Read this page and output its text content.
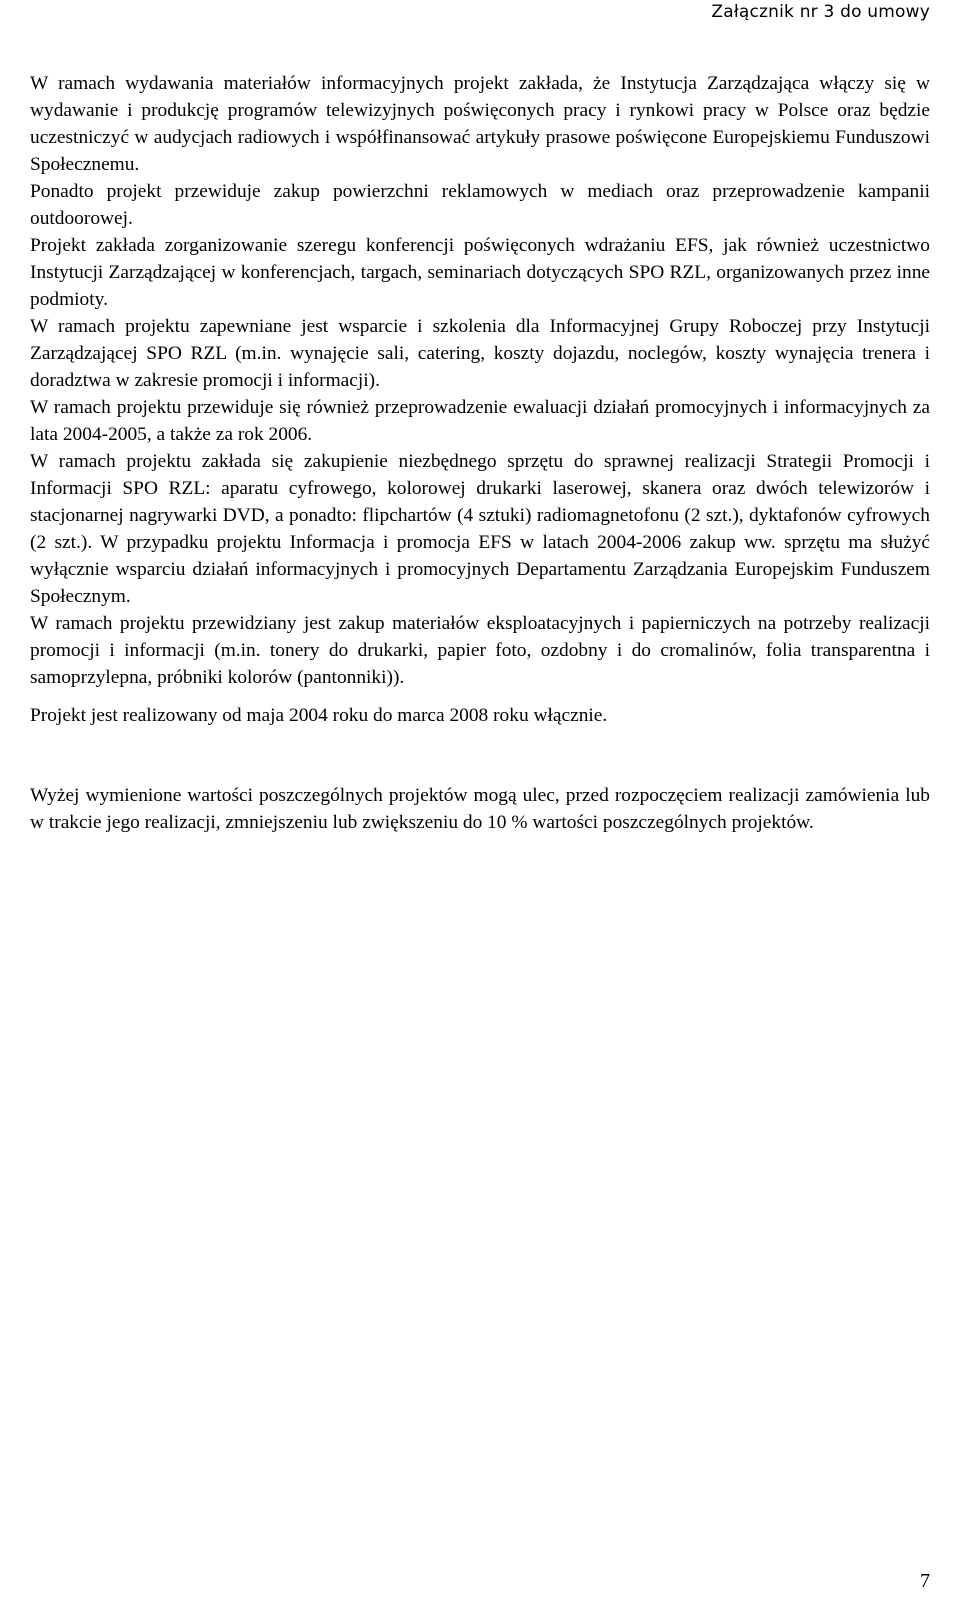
Załącznik nr 3 do umowy

W ramach wydawania materiałów informacyjnych projekt zakłada, że Instytucja Zarządzająca włączy się w wydawanie i produkcję programów telewizyjnych poświęconych pracy i rynkowi pracy w Polsce oraz będzie uczestniczyć w audycjach radiowych i współfinansować artykuły prasowe poświęcone Europejskiemu Funduszowi Społecznemu.

Ponadto projekt przewiduje zakup powierzchni reklamowych w mediach oraz przeprowadzenie kampanii outdoorowej.

Projekt zakłada zorganizowanie szeregu konferencji poświęconych wdrażaniu EFS, jak również uczestnictwo Instytucji Zarządzającej w konferencjach, targach, seminariach dotyczących SPO RZL, organizowanych przez inne podmioty.

W ramach projektu zapewniane jest wsparcie i szkolenia dla Informacyjnej Grupy Roboczej przy Instytucji Zarządzającej SPO RZL (m.in. wynajęcie sali, catering, koszty dojazdu, noclegów, koszty wynajęcia trenera i doradztwa w zakresie promocji i informacji).

W ramach projektu przewiduje się również przeprowadzenie ewaluacji działań promocyjnych i informacyjnych za lata 2004-2005, a także za rok 2006.

W ramach projektu zakłada się zakupienie niezbędnego sprzętu do sprawnej realizacji Strategii Promocji i Informacji SPO RZL: aparatu cyfrowego, kolorowej drukarki laserowej, skanera oraz dwóch telewizorów i stacjonarnej nagrywarki DVD, a ponadto: flipchartów (4 sztuki) radiomagnetofonu (2 szt.), dyktafonów cyfrowych (2 szt.). W przypadku projektu Informacja i promocja EFS w latach 2004-2006 zakup ww. sprzętu ma służyć wyłącznie wsparciu działań informacyjnych i promocyjnych Departamentu Zarządzania Europejskim Funduszem Społecznym.

W ramach projektu przewidziany jest zakup materiałów eksploatacyjnych i papierniczych na potrzeby realizacji promocji i informacji (m.in. tonery do drukarki, papier foto, ozdobny i do cromalinów, folia transparentna i samoprzylepna, próbniki kolorów (pantonniki)).

Projekt jest realizowany od maja 2004 roku do marca 2008 roku włącznie.

Wyżej wymienione wartości poszczególnych projektów mogą ulec, przed rozpoczęciem realizacji zamówienia lub w trakcie jego realizacji, zmniejszeniu lub zwiększeniu do 10 % wartości poszczególnych projektów.

7
